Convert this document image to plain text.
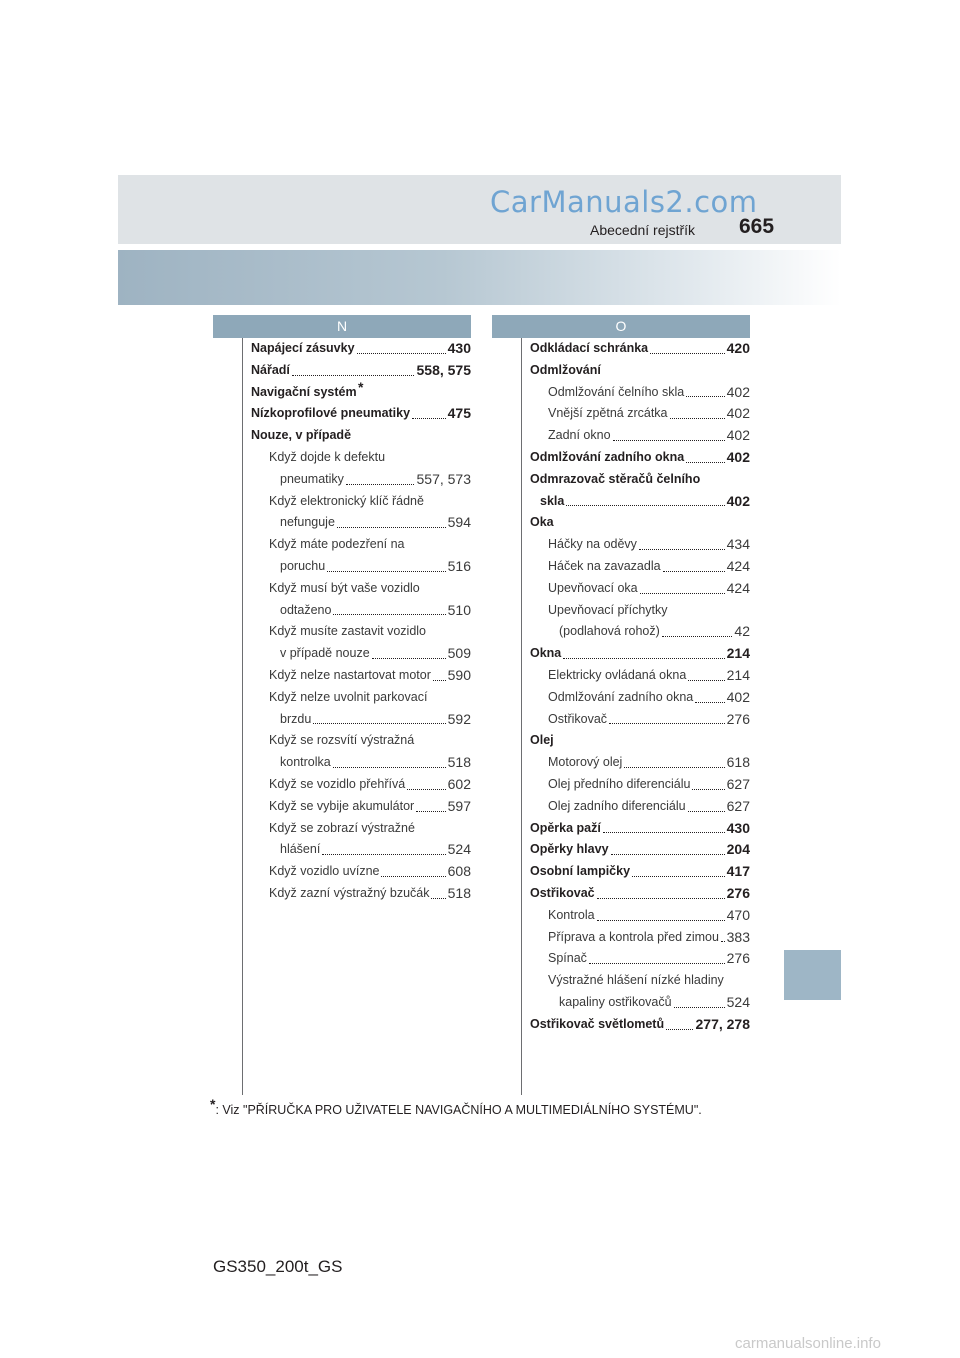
CarManuals2.com
Abecední rejstřík 665
N	O
Napájecí zásuvky	430
Nářadí	558, 575
Navigační systém *
Nízkoprofilové pneumatiky	475
Nouze, v případě
Když dojde k defektu
pneumatiky	557, 573
Když elektronický klíč řádně
nefunguje	594
Když máte podezření na
poruchu	516
Když musí být vaše vozidlo
odtaženo	510
Když musíte zastavit vozidlo
v případě nouze	509
Když nelze nastartovat motor 590
Když nelze uvolnit parkovací
brzdu	592
Když se rozsvítí výstražná
kontrolka	518
Když se vozidlo přehřívá	602
Když se vybije akumulátor 597
Když se zobrazí výstražné
hlášení	524
Když vozidlo uvízne	608
Když zazní výstražný bzučák 518
Odkládací schránka	420
Odmlžování
Odmlžování čelního skla	402
Vnější zpětná zrcátka	402
Zadní okno	402
Odmlžování zadního okna	402
Odmrazovač stěračů čelního
skla	402
Oka
Háčky na oděvy	434
Háček na zavazadla	424
Upevňovací oka	424
Upevňovací příchytky
(podlahová rohož)	42
Okna	214
Elektricky ovládaná okna	214
Odmlžování zadního okna 402
Ostřikovač	276
Olej
Motorový olej	618
Olej předního diferenciálu	627
Olej zadního diferenciálu	627
Opěrka paží	430
Opěrky hlavy	204
Osobní lampičky	417
Ostřikovač	276
Kontrola	470
Příprava a kontrola před zimou 383
Spínač	276
Výstražné hlášení nízké hladiny
kapaliny ostřikovačů	524
Ostřikovač světlometů 277, 278
*: Viz "PŘÍRUČKA PRO UŽIVATELE NAVIGAČNÍHO A MULTIMEDIÁLNÍHO SYSTÉMU".
GS350_200t_GS
carmanualsonline.info
